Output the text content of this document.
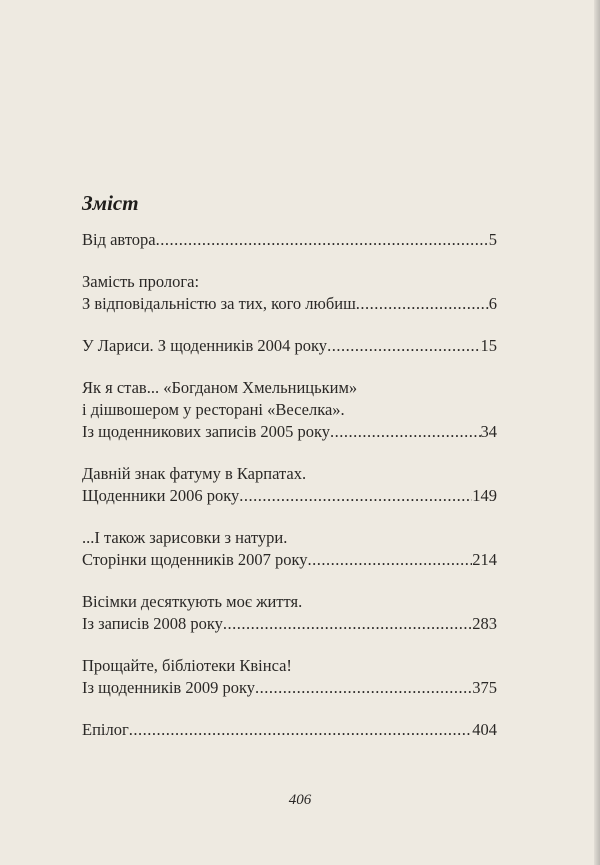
Зміст
Від автора .....	5
Замість пролога:
З відповідальністю за тих, кого любиш .....	6
У Лариси. З щоденників 2004 року .....	15
Як я став... «Богданом Хмельницьким»
і дішвошером у ресторані «Веселка».
Із щоденникових записів 2005 року .....	34
Давній знак фатуму в Карпатах.
Щоденники 2006 року .....	149
...І також зарисовки з натури.
Сторінки щоденників 2007 року .....	214
Вісімки десяткують моє життя.
Із записів 2008 року .....	283
Прощайте, бібліотеки Квінса!
Із щоденників 2009 року .....	375
Епілог .....	404
406
